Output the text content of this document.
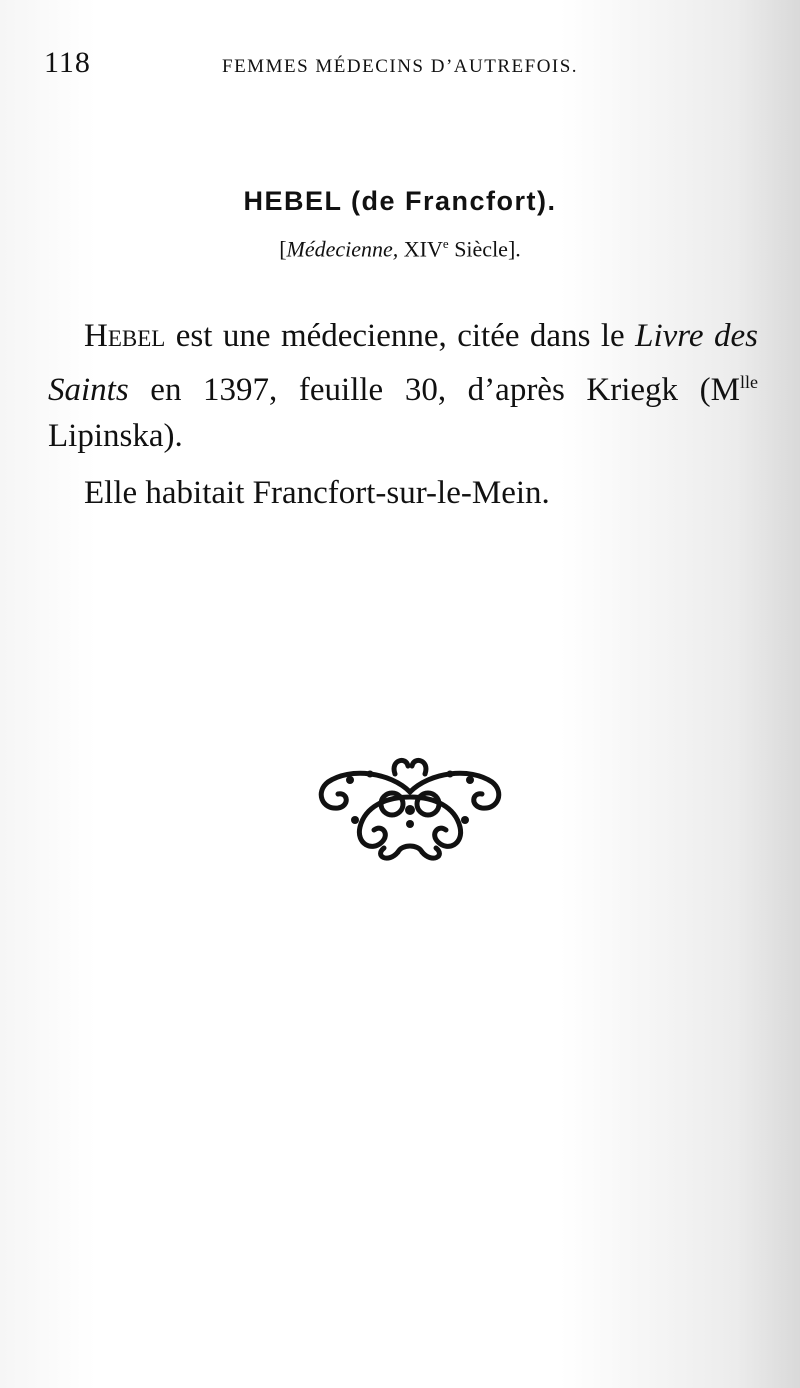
118	FEMMES MÉDECINS D’AUTREFOIS.
HEBEL (de Francfort).
[Médecienne, XIVe Siècle].
Hebel est une médecienne, citée dans le Livre des Saints en 1397, feuille 30, d’après Kriegk ($M^{lle}$ Lipinska).
Elle habitait Francfort-sur-le-Mein.
